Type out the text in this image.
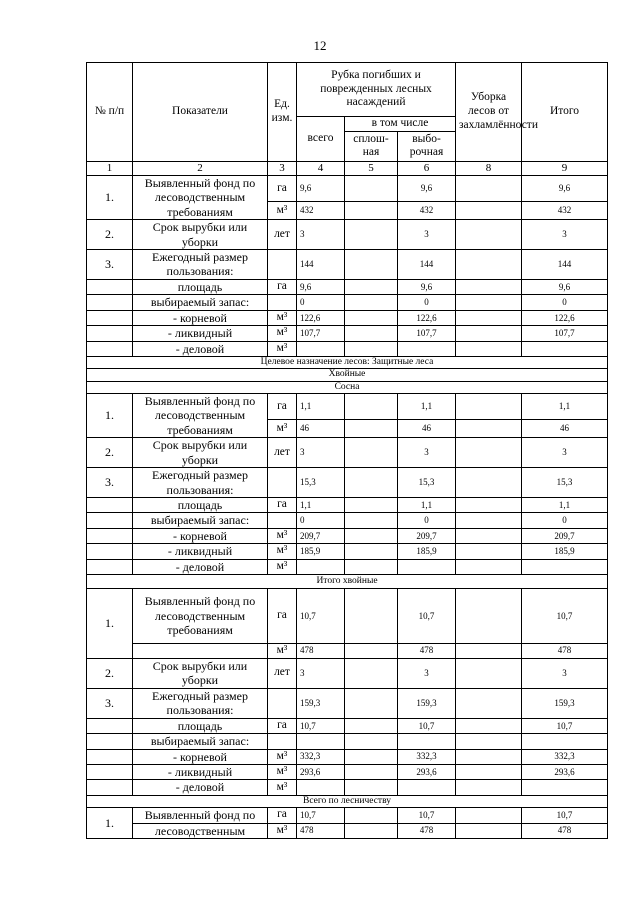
12
№ п/п	Показатели	Ед. изм.	Рубка погибших и поврежденных лесных насаждений			Уборка лесов от захламлённости	Итого
			всего	в том числе			
				сплош-ная	выбо-рочная		
1	2	3	4	5	6	8	9
1.	Выявленный фонд по лесоводственным требованиям	га	9,6		9,6		9,6
		м³	432		432		432
2.	Срок вырубки или уборки	лет	3		3		3
3.	Ежегодный размер пользования:		144		144		144
	площадь	га	9,6		9,6		9,6
	выбираемый запас:		0		0		0
	- корневой	м³	122,6		122,6		122,6
	- ликвидный	м³	107,7		107,7		107,7
	- деловой	м³					
Целевое назначение лесов: Защитные леса							
Хвойные							
Сосна							
1.	Выявленный фонд по лесоводственным требованиям	га	1,1		1,1		1,1
		м³	46		46		46
2.	Срок вырубки или уборки	лет	3		3		3
3.	Ежегодный размер пользования:		15,3		15,3		15,3
	площадь	га	1,1		1,1		1,1
	выбираемый запас:		0		0		0
	- корневой	м³	209,7		209,7		209,7
	- ликвидный	м³	185,9		185,9		185,9
	- деловой	м³					
Итого хвойные							
1.	Выявленный фонд по лесоводственным требованиям	га	10,7		10,7		10,7
		м³	478		478		478
2.	Срок вырубки или уборки	лет	3		3		3
3.	Ежегодный размер пользования:		159,3		159,3		159,3
	площадь	га	10,7		10,7		10,7
	выбираемый запас:						
	- корневой	м³	332,3		332,3		332,3
	- ликвидный	м³	293,6		293,6		293,6
	- деловой	м³					
Всего по лесничеству							
1.	Выявленный фонд по	га	10,7		10,7		10,7
	лесоводственным	м³	478		478		478
